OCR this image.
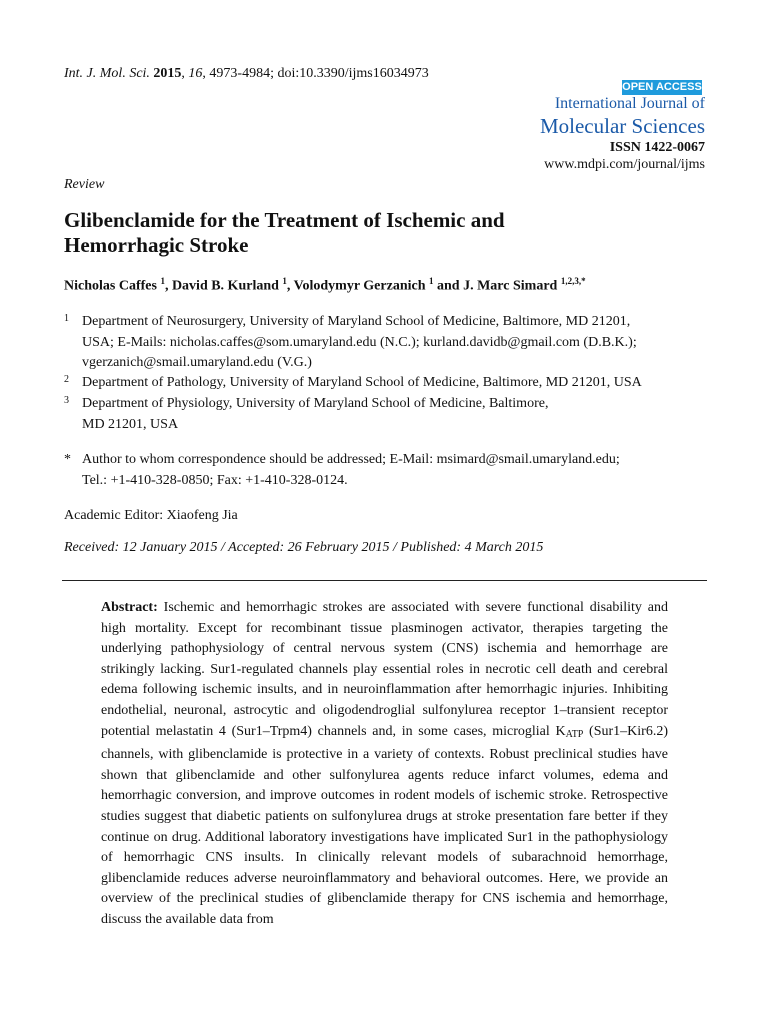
Int. J. Mol. Sci. 2015, 16, 4973-4984; doi:10.3390/ijms16034973
OPEN ACCESS
International Journal of
Molecular Sciences
ISSN 1422-0067
www.mdpi.com/journal/ijms
Review
Glibenclamide for the Treatment of Ischemic and
Hemorrhagic Stroke
Nicholas Caffes $^1$, David B. Kurland $^1$, Volodymyr Gerzanich $^1$ and J. Marc Simard $^{1,2,3,*}$
1 Department of Neurosurgery, University of Maryland School of Medicine, Baltimore, MD 21201,
USA; E-Mails: nicholas.caffes@som.umaryland.edu (N.C.); kurland.davidb@gmail.com (D.B.K.);
vgerzanich@smail.umaryland.edu (V.G.)
2 Department of Pathology, University of Maryland School of Medicine, Baltimore, MD 21201, USA
3 Department of Physiology, University of Maryland School of Medicine, Baltimore,
MD 21201, USA
* Author to whom correspondence should be addressed; E-Mail: msimard@smail.umaryland.edu;
Tel.: +1-410-328-0850; Fax: +1-410-328-0124.
Academic Editor: Xiaofeng Jia
Received: 12 January 2015 / Accepted: 26 February 2015 / Published: 4 March 2015
Abstract: Ischemic and hemorrhagic strokes are associated with severe functional disability and high mortality. Except for recombinant tissue plasminogen activator, therapies targeting the underlying pathophysiology of central nervous system (CNS) ischemia and hemorrhage are strikingly lacking. Sur1-regulated channels play essential roles in necrotic cell death and cerebral edema following ischemic insults, and in neuroinflammation after hemorrhagic injuries. Inhibiting endothelial, neuronal, astrocytic and oligodendroglial sulfonylurea receptor 1–transient receptor potential melastatin 4 (Sur1–Trpm4) channels and, in some cases, microglial KATP (Sur1–Kir6.2) channels, with glibenclamide is protective in a variety of contexts. Robust preclinical studies have shown that glibenclamide and other sulfonylurea agents reduce infarct volumes, edema and hemorrhagic conversion, and improve outcomes in rodent models of ischemic stroke. Retrospective studies suggest that diabetic patients on sulfonylurea drugs at stroke presentation fare better if they continue on drug. Additional laboratory investigations have implicated Sur1 in the pathophysiology of hemorrhagic CNS insults. In clinically relevant models of subarachnoid hemorrhage, glibenclamide reduces adverse neuroinflammatory and behavioral outcomes. Here, we provide an overview of the preclinical studies of glibenclamide therapy for CNS ischemia and hemorrhage, discuss the available data from
